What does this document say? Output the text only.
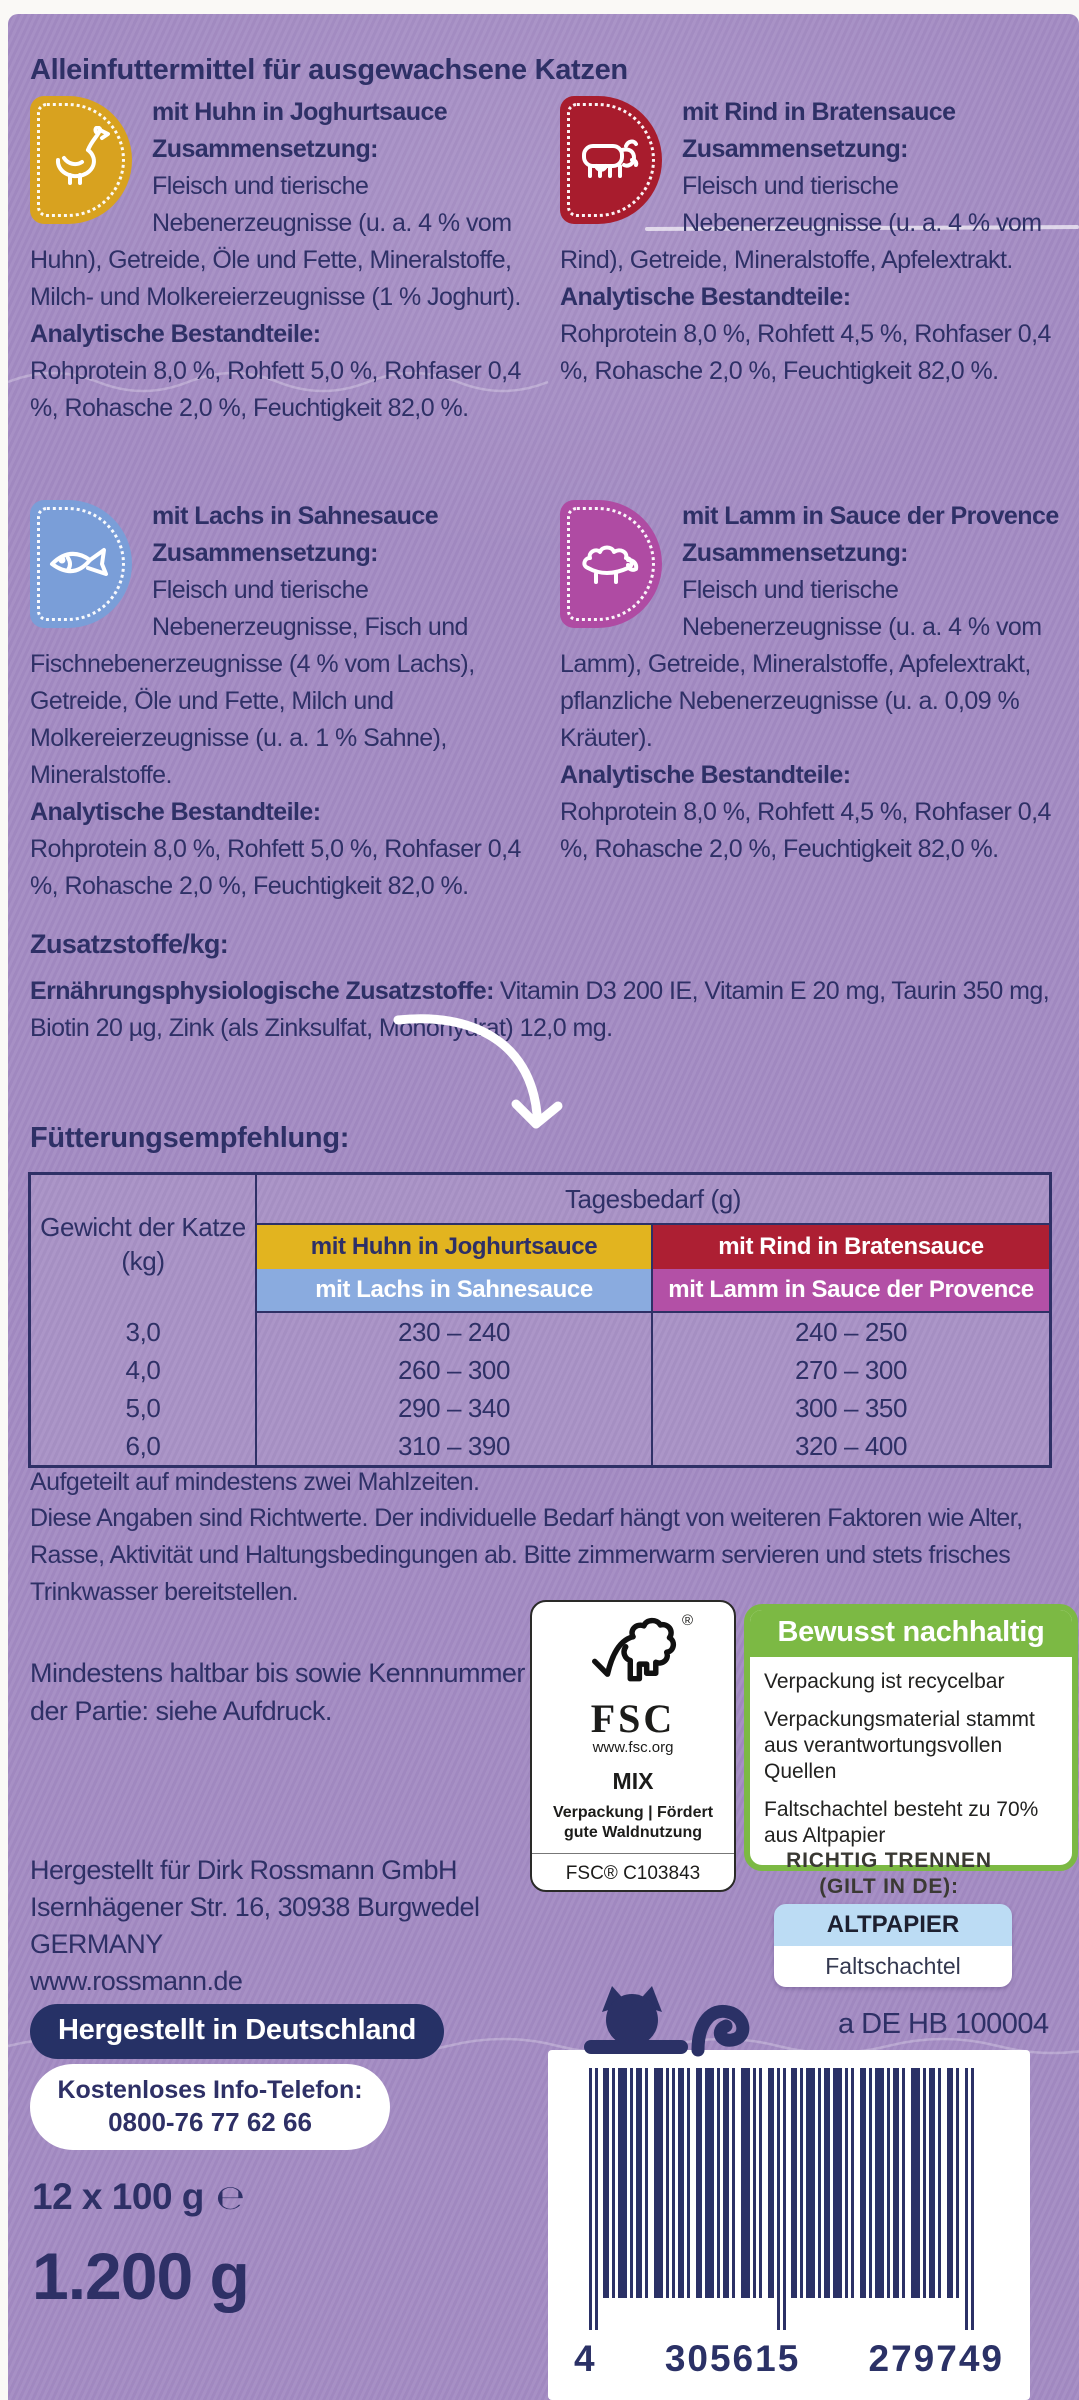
Alleinfuttermittel für ausgewachsene Katzen
mit Huhn in Joghurtsauce
Zusammensetzung:
Fleisch und tierische Nebenerzeugnisse (u. a. 4 % vom Huhn), Getreide, Öle und Fette, Mineralstoffe, Milch- und Molkereierzeugnisse (1 % Joghurt).
Analytische Bestandteile:
Rohprotein 8,0 %, Rohfett 5,0 %, Rohfaser 0,4 %, Rohasche 2,0 %, Feuchtigkeit 82,0 %.
mit Rind in Bratensauce
Zusammensetzung:
Fleisch und tierische Nebenerzeugnisse (u. a. 4 % vom Rind), Getreide, Mineralstoffe, Apfelextrakt.
Analytische Bestandteile:
Rohprotein 8,0 %, Rohfett 4,5 %, Rohfaser 0,4 %, Rohasche 2,0 %, Feuchtigkeit 82,0 %.
mit Lachs in Sahnesauce
Zusammensetzung:
Fleisch und tierische Nebenerzeugnisse, Fisch und Fischnebenerzeugnisse (4 % vom Lachs), Getreide, Öle und Fette, Milch und Molkereierzeugnisse (u. a. 1 % Sahne), Mineralstoffe.
Analytische Bestandteile:
Rohprotein 8,0 %, Rohfett 5,0 %, Rohfaser 0,4 %, Rohasche 2,0 %, Feuchtigkeit 82,0 %.
mit Lamm in Sauce der Provence
Zusammensetzung:
Fleisch und tierische Nebenerzeugnisse (u. a. 4 % vom Lamm), Getreide, Mineralstoffe, Apfelextrakt, pflanzliche Nebenerzeugnisse (u. a. 0,09 % Kräuter).
Analytische Bestandteile:
Rohprotein 8,0 %, Rohfett 4,5 %, Rohfaser 0,4 %, Rohasche 2,0 %, Feuchtigkeit 82,0 %.
Zusatzstoffe/kg:

Ernährungsphysiologische Zusatzstoffe: Vitamin D3 200 IE, Vitamin E 20 mg, Taurin 350 mg, Biotin 20 µg, Zink (als Zinksulfat, Monohydrat) 12,0 mg.

Fütterungsempfehlung:
Gewicht der Katze
(kg)
Tagesbedarf (g)
mit Huhn in Joghurtsauce	mit Rind in Bratensauce
mit Lachs in Sahnesauce	mit Lamm in Sauce der Provence
3,0	230 – 240	240 – 250
4,0	260 – 300	270 – 300
5,0	290 – 340	300 – 350
6,0	310 – 390	320 – 400
Aufgeteilt auf mindestens zwei Mahlzeiten.
Diese Angaben sind Richtwerte. Der individuelle Bedarf hängt von weiteren Faktoren wie Alter, Rasse, Aktivität und Haltungsbedingungen ab. Bitte zimmerwarm servieren und stets frisches Trinkwasser bereitstellen.
Mindestens haltbar bis sowie Kennnummer
der Partie: siehe Aufdruck.
®
FSC
www.fsc.org
MIX
Verpackung | Fördert
gute Waldnutzung
FSC® C103843
Bewusst nachhaltig

Verpackung ist recycelbar

Verpackungsmaterial stammt aus verantwortungsvollen Quellen

Faltschachtel besteht zu 70% aus Altpapier

RICHTIG TRENNEN
(GILT IN DE):
ALTPAPIER
Faltschachtel
Hergestellt für Dirk Rossmann GmbH
Isernhägener Str. 16, 30938 Burgwedel
GERMANY
www.rossmann.de
Hergestellt in Deutschland	a DE HB 100004
4 305615 279749
Kostenloses Info-Telefon:
0800-76 77 62 66
12 x 100 g ℮
1.200 g
